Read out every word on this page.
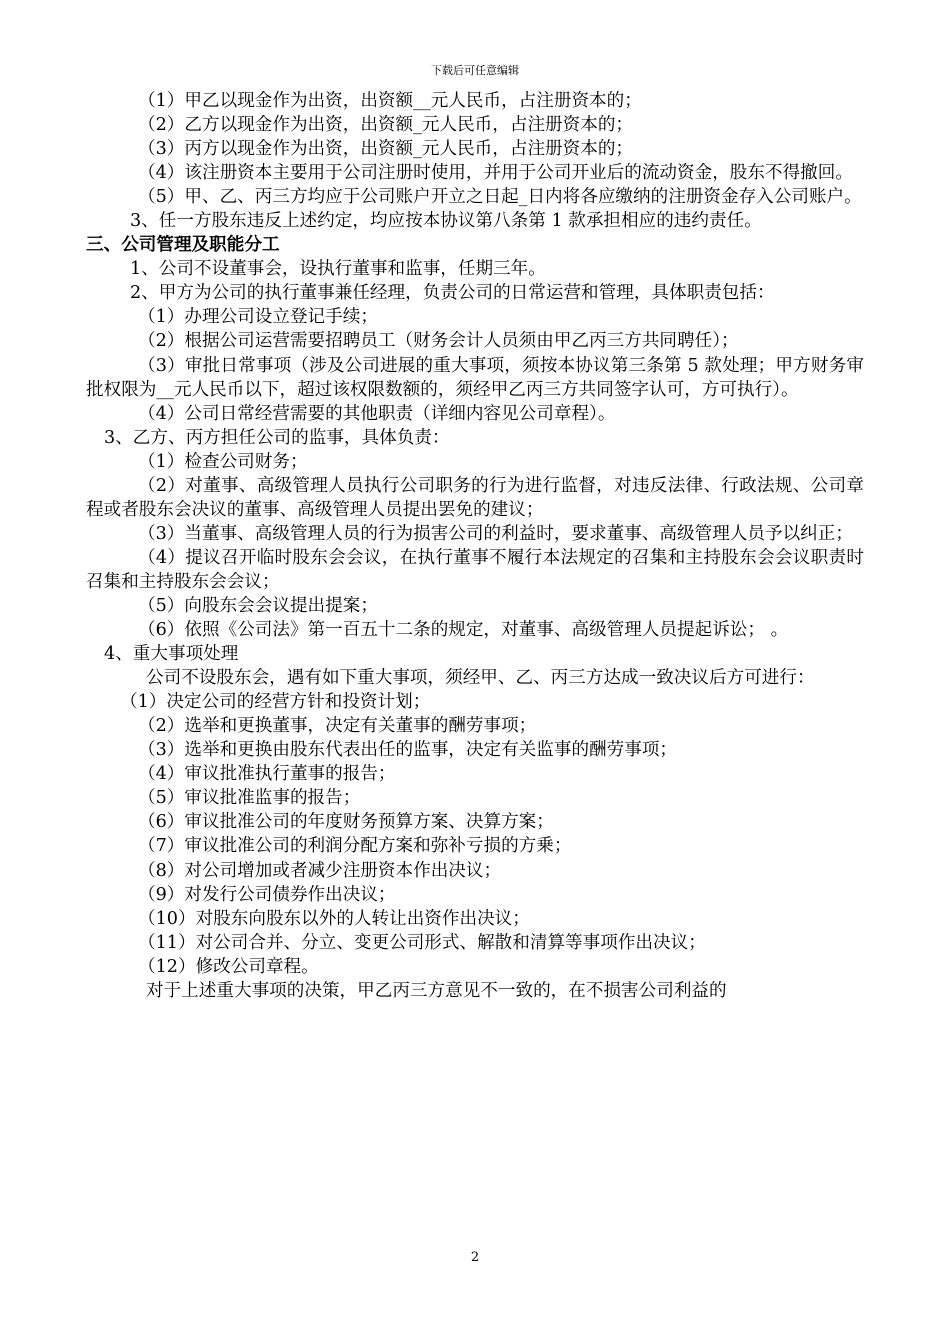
下载后可任意编辑

（1）甲乙以现金作为出资，出资额__元人民币，占注册资本的；

（2）乙方以现金作为出资，出资额_元人民币，占注册资本的；

（3）丙方以现金作为出资，出资额_元人民币，占注册资本的；

（4）该注册资本主要用于公司注册时使用，并用于公司开业后的流动资金，股东不得撤回。

（5）甲、乙、丙三方均应于公司账户开立之日起_日内将各应缴纳的注册资金存入公司账户。

3、任一方股东违反上述约定，均应按本协议第八条第 1 款承担相应的违约责任。

三、公司管理及职能分工

1、公司不设董事会，设执行董事和监事，任期三年。

2、甲方为公司的执行董事兼任经理，负责公司的日常运营和管理，具体职责包括：

（1）办理公司设立登记手续；

（2）根据公司运营需要招聘员工（财务会计人员须由甲乙丙三方共同聘任）；

（3）审批日常事项（涉及公司进展的重大事项，须按本协议第三条第 5 款处理；甲方财务审批权限为__元人民币以下，超过该权限数额的，须经甲乙丙三方共同签字认可，方可执行）。

（4）公司日常经营需要的其他职责（详细内容见公司章程）。

3、乙方、丙方担任公司的监事，具体负责：

（1）检查公司财务；

（2）对董事、高级管理人员执行公司职务的行为进行监督，对违反法律、行政法规、公司章程或者股东会决议的董事、高级管理人员提出罢免的建议；

（3）当董事、高级管理人员的行为损害公司的利益时，要求董事、高级管理人员予以纠正；

（4）提议召开临时股东会会议，在执行董事不履行本法规定的召集和主持股东会会议职责时召集和主持股东会会议；

（5）向股东会会议提出提案；

（6）依照《公司法》第一百五十二条的规定，对董事、高级管理人员提起诉讼； 。

4、重大事项处理

公司不设股东会，遇有如下重大事项，须经甲、乙、丙三方达成一致决议后方可进行：

（1）决定公司的经营方针和投资计划；

（2）选举和更换董事，决定有关董事的酬劳事项；

（3）选举和更换由股东代表出任的监事，决定有关监事的酬劳事项；

（4）审议批准执行董事的报告；

（5）审议批准监事的报告；

（6）审议批准公司的年度财务预算方案、决算方案；

（7）审议批准公司的利润分配方案和弥补亏损的方乗；

（8）对公司增加或者减少注册资本作出决议；

（9）对发行公司债券作出决议；

（10）对股东向股东以外的人转让出资作出决议；

（11）对公司合并、分立、变更公司形式、解散和清算等事项作出决议；

（12）修改公司章程。

对于上述重大事项的决策，甲乙丙三方意见不一致的，在不损害公司利益的

2
